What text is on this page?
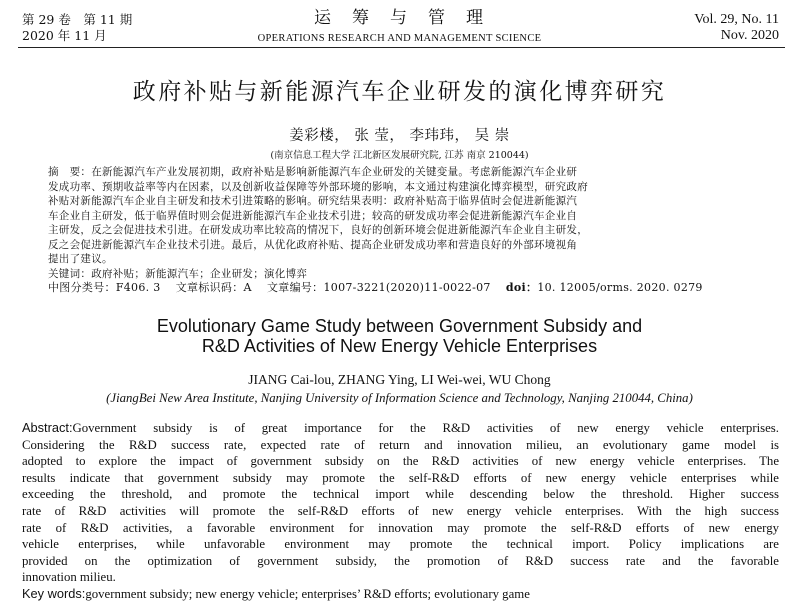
第 29 卷　第 11 期
2020 年 11 月
运　筹　与　管　理
OPERATIONS RESEARCH AND MANAGEMENT SCIENCE
Vol. 29, No. 11
Nov. 2020
政府补贴与新能源汽车企业研发的演化博弈研究
姜彩楼， 张 莹， 李玮玮， 吴 崇
(南京信息工程大学 江北新区发展研究院, 江苏 南京 210044)
摘　要：在新能源汽车产业发展初期，政府补贴是影响新能源汽车企业研发的关键变量。考虑新能源汽车企业研
发成功率、预期收益率等内在因素，以及创新收益保障等外部环境的影响，本文通过构建演化博弈模型，研究政府
补贴对新能源汽车企业自主研发和技术引进策略的影响。研究结果表明：政府补贴高于临界值时会促进新能源汽
车企业自主研发，低于临界值时则会促进新能源汽车企业技术引进；较高的研发成功率会促进新能源汽车企业自
主研发，反之会促进技术引进。在研发成功率比较高的情况下，良好的创新环境会促进新能源汽车企业自主研发，
反之会促进新能源汽车企业技术引进。最后，从优化政府补贴、提高企业研发成功率和营造良好的外部环境视角
提出了建议。
关键词：政府补贴；新能源汽车；企业研发；演化博弈
中图分类号：F406. 3 文章标识码：A 文章编号：1007-3221(2020)11-0022-07 doi：10. 12005/orms. 2020. 0279
Evolutionary Game Study between Government Subsidy and
R&D Activities of New Energy Vehicle Enterprises
JIANG Cai-lou, ZHANG Ying, LI Wei-wei, WU Chong
(JiangBei New Area Institute, Nanjing University of Information Science and Technology, Nanjing 210044, China)
Abstract:Government subsidy is of great importance for the R&D activities of new energy vehicle enterprises.
Considering the R&D success rate, expected rate of return and innovation milieu, an evolutionary game model is
adopted to explore the impact of government subsidy on the R&D activities of new energy vehicle enterprises. The
results indicate that government subsidy may promote the self-R&D efforts of new energy vehicle enterprises while
exceeding the threshold, and promote the technical import while descending below the threshold. Higher success
rate of R&D activities will promote the self-R&D efforts of new energy vehicle enterprises. With the high success
rate of R&D activities, a favorable environment for innovation may promote the self-R&D efforts of new energy
vehicle enterprises, while unfavorable environment may promote the technical import. Policy implications are
provided on the optimization of government subsidy, the promotion of R&D success rate and the favorable
innovation milieu.
Key words:government subsidy; new energy vehicle; enterprises’ R&D efforts; evolutionary game
